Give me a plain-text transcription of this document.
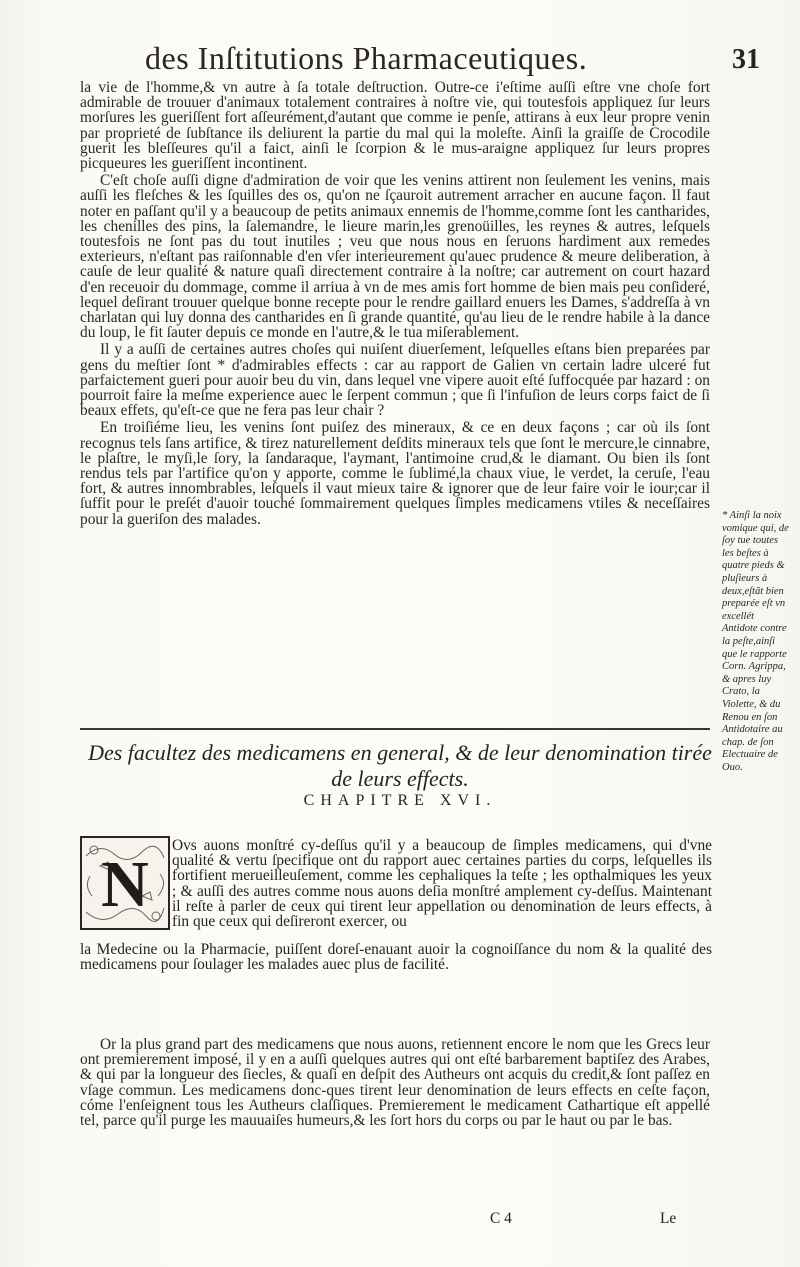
des Inſtitutions Pharmaceutiques.	31

la vie de l'homme,& vn autre à ſa totale deſtruction. Outre-ce i'eſtime auſſi eſtre vne choſe fort admirable de trouuer d'animaux totalement contraires à noſtre vie, qui toutesfois appliquez ſur leurs morſures les gueriſſent fort aſſeurément,d'autant que comme ie penſe, attirans à eux leur propre venin par proprieté de ſubſtance ils deliurent la partie du mal qui la moleſte. Ainſi la graiſſe de Crocodile guerit les bleſſeures qu'il a faict, ainſi le ſcorpion & le mus-araigne appliquez ſur leurs propres picqueures les gueriſſent incontinent.

C'eſt choſe auſſi digne d'admiration de voir que les venins attirent non ſeulement les venins, mais auſſi les fleſches & les ſquilles des os, qu'on ne ſçauroit autrement arracher en aucune façon. Il faut noter en paſſant qu'il y a beaucoup de petits animaux ennemis de l'homme,comme ſont les cantharides, les chenilles des pins, la ſalemandre, le lieure marin,les grenoüilles, les reynes & autres, leſquels toutesfois ne ſont pas du tout inutiles ; veu que nous nous en ſeruons hardiment aux remedes exterieurs, n'eſtant pas raiſonnable d'en vſer interieurement qu'auec prudence & meure deliberation, à cauſe de leur qualité & nature quaſi directement contraire à la noſtre; car autrement on court hazard d'en receuoir du dommage, comme il arriua à vn de mes amis fort homme de bien mais peu conſideré, lequel deſirant trouuer quelque bonne recepte pour le rendre gaillard enuers les Dames, s'addreſſa à vn charlatan qui luy donna des cantharides en ſi grande quantité, qu'au lieu de le rendre habile à la dance du loup, le fit ſauter depuis ce monde en l'autre,& le tua miſerablement.

Il y a auſſi de certaines autres choſes qui nuiſent diuerſement, leſquelles eſtans bien preparées par gens du meſtier ſont * d'admirables effects : car au rapport de Galien vn certain ladre ulceré fut parfaictement gueri pour auoir beu du vin, dans lequel vne vipere auoit eſté ſuffocquée par hazard : on pourroit faire la meſme experience auec le ſerpent commun ; que ſi l'infuſion de leurs corps faict de ſi beaux effets, qu'eſt-ce que ne fera pas leur chair ?

En troiſiéme lieu, les venins ſont puiſez des mineraux, & ce en deux façons ; car où ils ſont recognus tels ſans artifice, & tirez naturellement deſdits mineraux tels que ſont le mercure,le cinnabre, le plaſtre, le myſi,le ſory, la ſandaraque, l'aymant, l'antimoine crud,& le diamant. Ou bien ils ſont rendus tels par l'artifice qu'on y apporte, comme le ſublimé,la chaux viue, le verdet, la ceruſe, l'eau fort, & autres innombrables, leſquels il vaut mieux taire & ignorer que de leur faire voir le iour;car il ſuffit pour le preſét d'auoir touché ſommairement quelques ſimples medicamens vtiles & neceſſaires pour la gueriſon des malades.	* Ainſi la noix vomique qui, de ſoy tue toutes les beſtes à quatre pieds & pluſieurs à deux,eſtãt bien preparée eſt vn excellét Antidote contre la peſte,ainſi que le rapporte Corn. Agrippa, & apres luy Crato, la Violette, & du Renou en ſon Antidotaire au chap. de ſon Electuaire de Ouo.
Des facultez des medicamens en general, & de leur denomination tirée de leurs effects.
CHAPITRE XVI.
N
Ovs auons monſtré cy-deſſus qu'il y a beaucoup de ſimples medicamens, qui d'vne qualité & vertu ſpecifique ont du rapport auec certaines parties du corps, leſquelles ils fortifient merueilleuſement, comme les cephaliques la teſte ; les opthalmiques les yeux ; & auſſi des autres comme nous auons deſia monſtré amplement cy-deſſus. Maintenant il reſte à parler de ceux qui tirent leur appellation ou denomination de leurs effects, à fin que ceux qui deſireront exercer, ou
la Medecine ou la Pharmacie, puiſſent doreſ-enauant auoir la cognoiſſance du nom & la qualité des medicamens pour ſoulager les malades auec plus de facilité.

Or la plus grand part des medicamens que nous auons, retiennent encore le nom que les Grecs leur ont premierement imposé, il y en a auſſi quelques autres qui ont eſté barbarement baptiſez des Arabes, & qui par la longueur des ſiecles, & quaſi en deſpit des Autheurs ont acquis du credit,& ſont paſſez en vſage commun. Les medicamens donc-ques tirent leur denomination de leurs effects en ceſte façon, cóme l'enſeignent tous les Autheurs claſſiques. Premierement le medicament Cathartique eſt appellé tel, parce qu'il purge les mauuaiſes humeurs,& les ſort hors du corps ou par le haut ou par le bas.

C 4	Le
